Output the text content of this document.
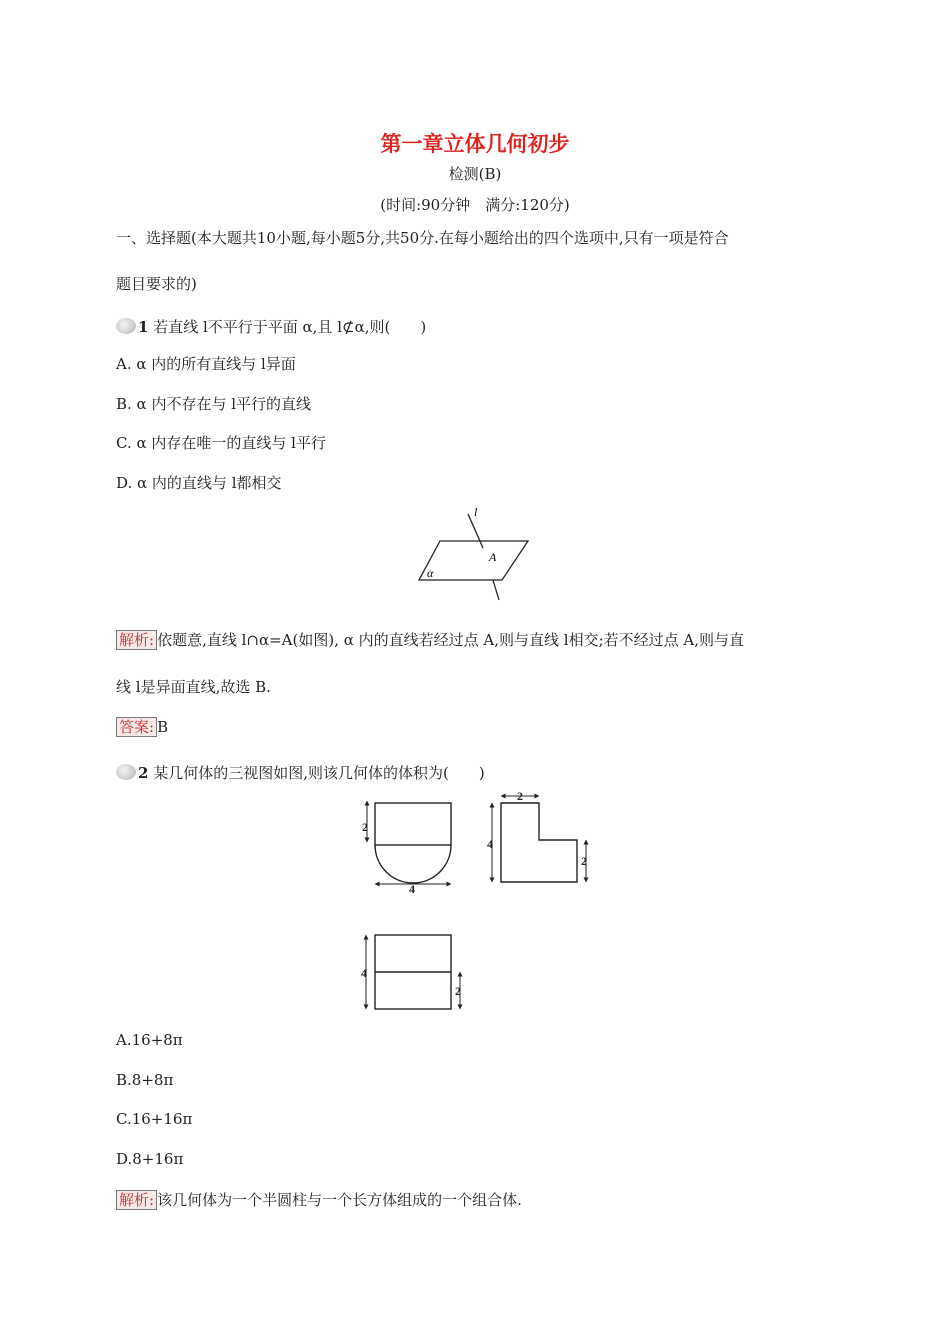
第一章立体几何初步
检测(B)
(时间:90分钟　满分:120分)
一、选择题(本大题共10小题,每小题5分,共50分.在每小题给出的四个选项中,只有一项是符合
题目要求的)
1 若直线 l不平行于平面 α,且 l⊄α,则(　　)
A. α 内的所有直线与 l异面
B. α 内不存在与 l平行的直线
C. α 内存在唯一的直线与 l平行
D. α 内的直线与 l都相交
l
A
α
解析: 依题意,直线 l∩α=A(如图), α 内的直线若经过点 A,则与直线 l相交;若不经过点 A,则与直
线 l是异面直线,故选 B.
答案: B
2 某几何体的三视图如图,则该几何体的体积为(　　)
2
4
2
4
2
4
2
A.16+8π
B.8+8π
C.16+16π
D.8+16π
解析: 该几何体为一个半圆柱与一个长方体组成的一个组合体.
